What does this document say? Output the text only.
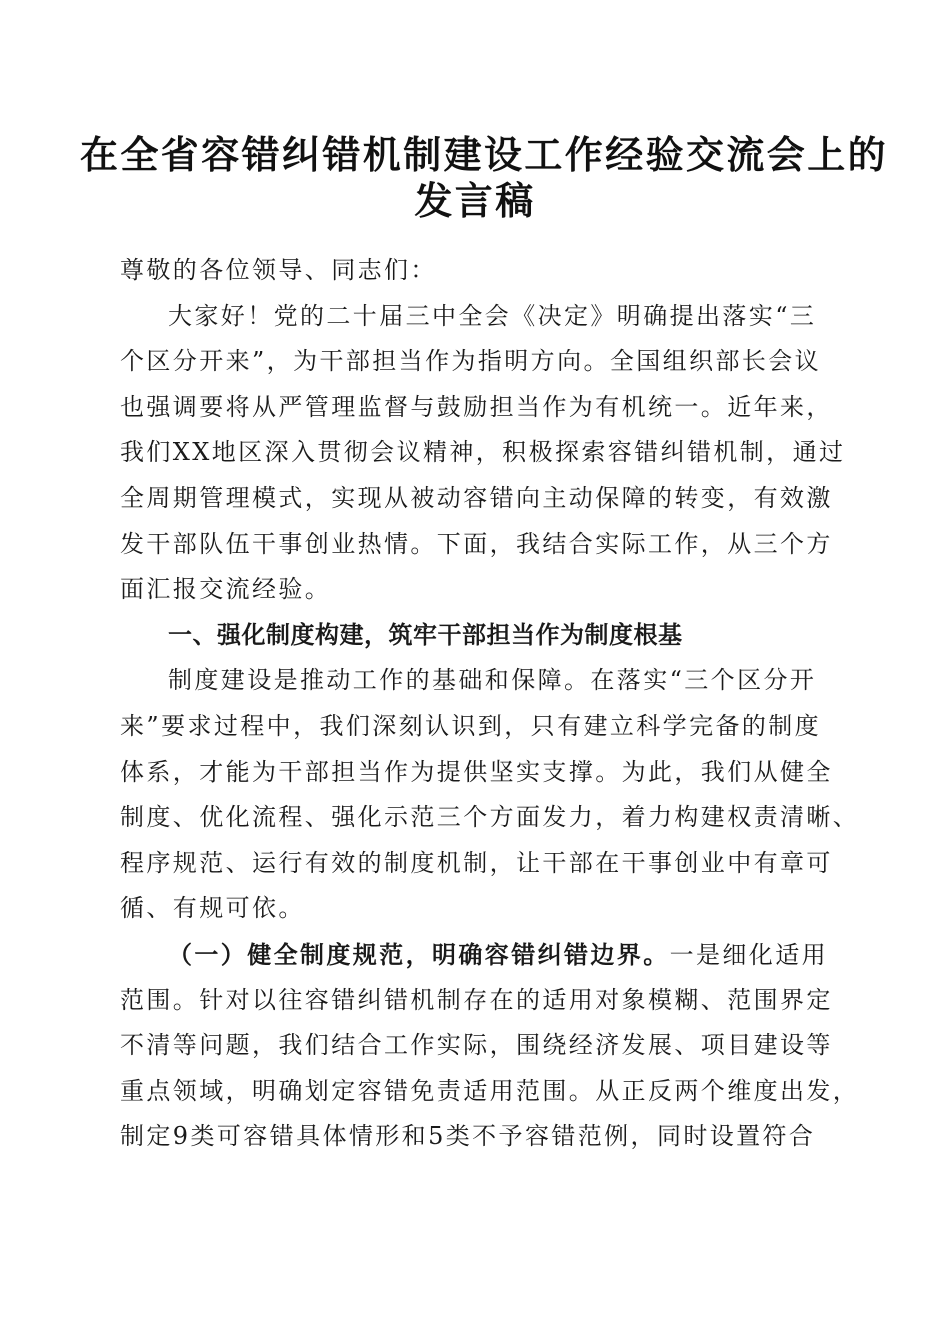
在全省容错纠错机制建设工作经验交流会上的
发言稿
尊敬的各位领导、同志们：
大家好！党的二十届三中全会《决定》明确提出落实“三
个区分开来”，为干部担当作为指明方向。全国组织部长会议
也强调要将从严管理监督与鼓励担当作为有机统一。近年来，
我们XX地区深入贯彻会议精神，积极探索容错纠错机制，通过
全周期管理模式，实现从被动容错向主动保障的转变，有效激
发干部队伍干事创业热情。下面，我结合实际工作，从三个方
面汇报交流经验。
一、强化制度构建，筑牢干部担当作为制度根基
制度建设是推动工作的基础和保障。在落实“三个区分开
来”要求过程中，我们深刻认识到，只有建立科学完备的制度
体系，才能为干部担当作为提供坚实支撑。为此，我们从健全
制度、优化流程、强化示范三个方面发力，着力构建权责清晰、
程序规范、运行有效的制度机制，让干部在干事创业中有章可
循、有规可依。
（一）健全制度规范，明确容错纠错边界。一是细化适用
范围。针对以往容错纠错机制存在的适用对象模糊、范围界定
不清等问题，我们结合工作实际，围绕经济发展、项目建设等
重点领域，明确划定容错免责适用范围。从正反两个维度出发，
制定9类可容错具体情形和5类不予容错范例，同时设置符合
